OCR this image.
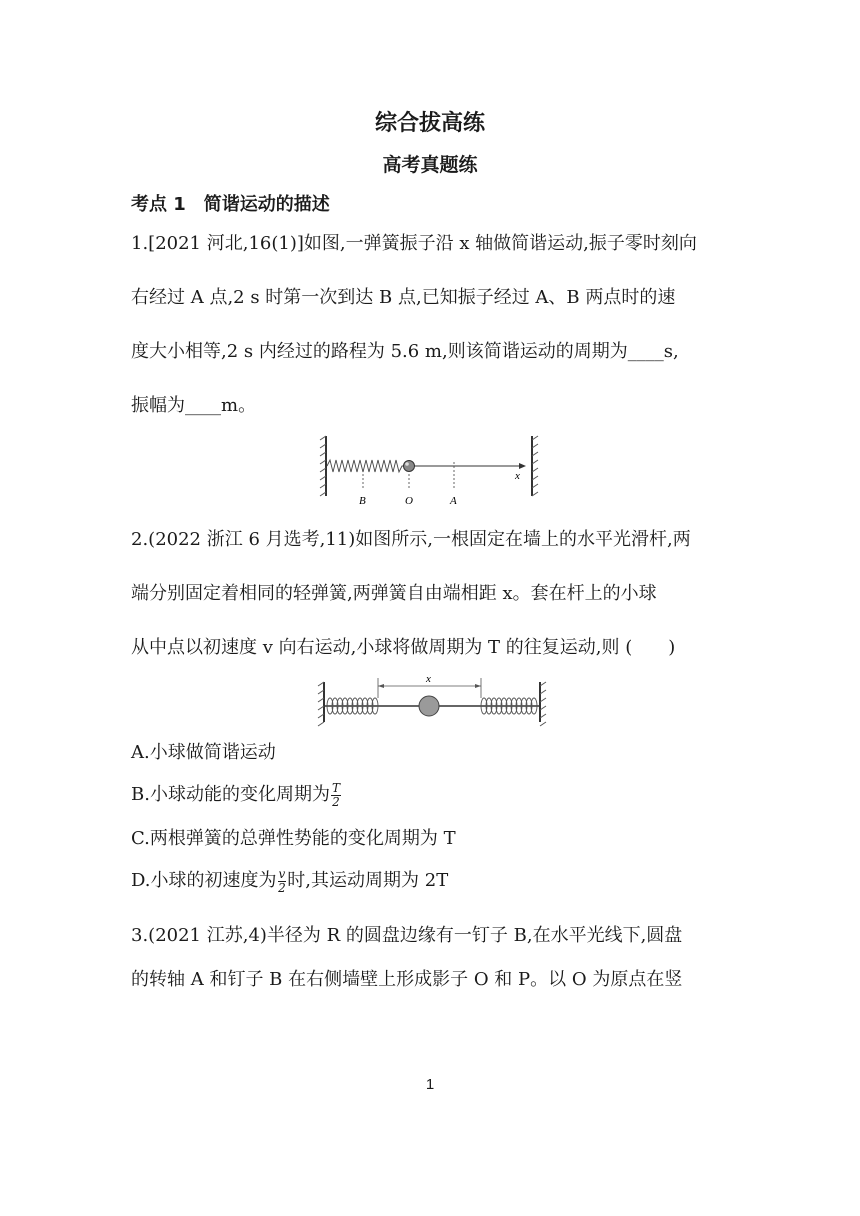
综合拔高练
高考真题练
考点 1　简谐运动的描述
1.[2021 河北,16(1)]如图,一弹簧振子沿 x 轴做简谐运动,振子零时刻向
右经过 A 点,2 s 时第一次到达 B 点,已知振子经过 A、B 两点时的速
度大小相等,2 s 内经过的路程为 5.6 m,则该简谐运动的周期为____s,
振幅为____m。
B	O	A
x
2.(2022 浙江 6 月选考,11)如图所示,一根固定在墙上的水平光滑杆,两
端分别固定着相同的轻弹簧,两弹簧自由端相距 x。套在杆上的小球
从中点以初速度 v 向右运动,小球将做周期为 T 的往复运动,则 (　　)
x
A.小球做简谐运动
B.小球动能的变化周期为 $\frac{T}{2}$
C.两根弹簧的总弹性势能的变化周期为 T
D.小球的初速度为 $\frac{v}{2}$ 时,其运动周期为 2T
3.(2021 江苏,4)半径为 R 的圆盘边缘有一钉子 B,在水平光线下,圆盘
的转轴 A 和钉子 B 在右侧墙壁上形成影子 O 和 P。以 O 为原点在竖
1
